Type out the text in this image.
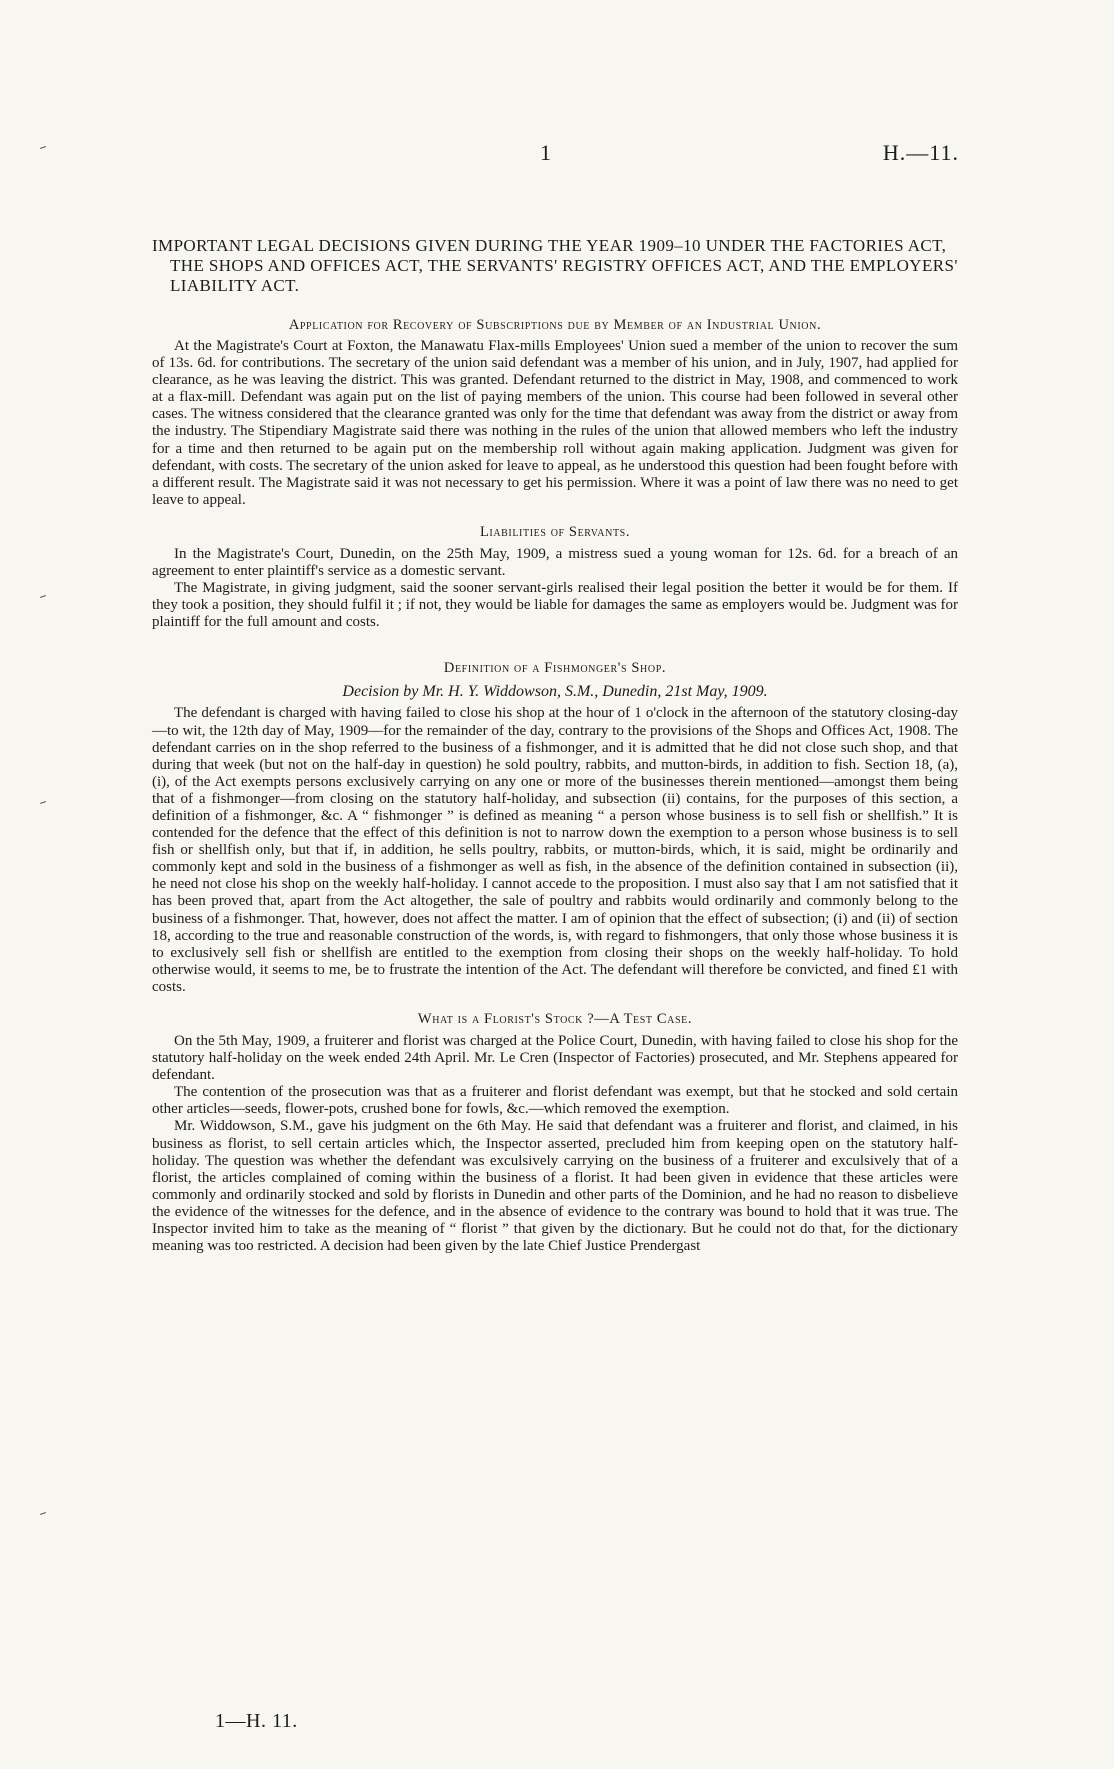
1	H.—11.
IMPORTANT LEGAL DECISIONS GIVEN DURING THE YEAR 1909–10 UNDER THE FACTORIES ACT, THE SHOPS AND OFFICES ACT, THE SERVANTS' REGISTRY OFFICES ACT, AND THE EMPLOYERS' LIABILITY ACT.
Application for Recovery of Subscriptions due by Member of an Industrial Union.

At the Magistrate's Court at Foxton, the Manawatu Flax-mills Employees' Union sued a member of the union to recover the sum of 13s. 6d. for contributions. The secretary of the union said defendant was a member of his union, and in July, 1907, had applied for clearance, as he was leaving the district. This was granted. Defendant returned to the district in May, 1908, and commenced to work at a flax-mill. Defendant was again put on the list of paying members of the union. This course had been followed in several other cases. The witness considered that the clearance granted was only for the time that defendant was away from the district or away from the industry. The Stipendiary Magistrate said there was nothing in the rules of the union that allowed members who left the industry for a time and then returned to be again put on the membership roll without again making application. Judgment was given for defendant, with costs. The secretary of the union asked for leave to appeal, as he understood this question had been fought before with a different result. The Magistrate said it was not necessary to get his permission. Where it was a point of law there was no need to get leave to appeal.

Liabilities of Servants.

In the Magistrate's Court, Dunedin, on the 25th May, 1909, a mistress sued a young woman for 12s. 6d. for a breach of an agreement to enter plaintiff's service as a domestic servant.

The Magistrate, in giving judgment, said the sooner servant-girls realised their legal position the better it would be for them. If they took a position, they should fulfil it ; if not, they would be liable for damages the same as employers would be. Judgment was for plaintiff for the full amount and costs.

Definition of a Fishmonger's Shop.
Decision by Mr. H. Y. Widdowson, S.M., Dunedin, 21st May, 1909.

The defendant is charged with having failed to close his shop at the hour of 1 o'clock in the afternoon of the statutory closing-day—to wit, the 12th day of May, 1909—for the remainder of the day, contrary to the provisions of the Shops and Offices Act, 1908. The defendant carries on in the shop referred to the business of a fishmonger, and it is admitted that he did not close such shop, and that during that week (but not on the half-day in question) he sold poultry, rabbits, and mutton-birds, in addition to fish. Section 18, (a), (i), of the Act exempts persons exclusively carrying on any one or more of the businesses therein mentioned—amongst them being that of a fishmonger—from closing on the statutory half-holiday, and subsection (ii) contains, for the purposes of this section, a definition of a fishmonger, &c. A “ fishmonger ” is defined as meaning “ a person whose business is to sell fish or shellfish.” It is contended for the defence that the effect of this definition is not to narrow down the exemption to a person whose business is to sell fish or shellfish only, but that if, in addition, he sells poultry, rabbits, or mutton-birds, which, it is said, might be ordinarily and commonly kept and sold in the business of a fishmonger as well as fish, in the absence of the definition contained in subsection (ii), he need not close his shop on the weekly half-holiday. I cannot accede to the proposition. I must also say that I am not satisfied that it has been proved that, apart from the Act altogether, the sale of poultry and rabbits would ordinarily and commonly belong to the business of a fishmonger. That, however, does not affect the matter. I am of opinion that the effect of subsection; (i) and (ii) of section 18, according to the true and reasonable construction of the words, is, with regard to fishmongers, that only those whose business it is to exclusively sell fish or shellfish are entitled to the exemption from closing their shops on the weekly half-holiday. To hold otherwise would, it seems to me, be to frustrate the intention of the Act. The defendant will therefore be convicted, and fined £1 with costs.

What is a Florist's Stock ?—A Test Case.

On the 5th May, 1909, a fruiterer and florist was charged at the Police Court, Dunedin, with having failed to close his shop for the statutory half-holiday on the week ended 24th April. Mr. Le Cren (Inspector of Factories) prosecuted, and Mr. Stephens appeared for defendant.

The contention of the prosecution was that as a fruiterer and florist defendant was exempt, but that he stocked and sold certain other articles—seeds, flower-pots, crushed bone for fowls, &c.—which removed the exemption.

Mr. Widdowson, S.M., gave his judgment on the 6th May. He said that defendant was a fruiterer and florist, and claimed, in his business as florist, to sell certain articles which, the Inspector asserted, precluded him from keeping open on the statutory half-holiday. The question was whether the defendant was exculsively carrying on the business of a fruiterer and exculsively that of a florist, the articles complained of coming within the business of a florist. It had been given in evidence that these articles were commonly and ordinarily stocked and sold by florists in Dunedin and other parts of the Dominion, and he had no reason to disbelieve the evidence of the witnesses for the defence, and in the absence of evidence to the contrary was bound to hold that it was true. The Inspector invited him to take as the meaning of “ florist ” that given by the dictionary. But he could not do that, for the dictionary meaning was too restricted. A decision had been given by the late Chief Justice Prendergast

1—H. 11.
